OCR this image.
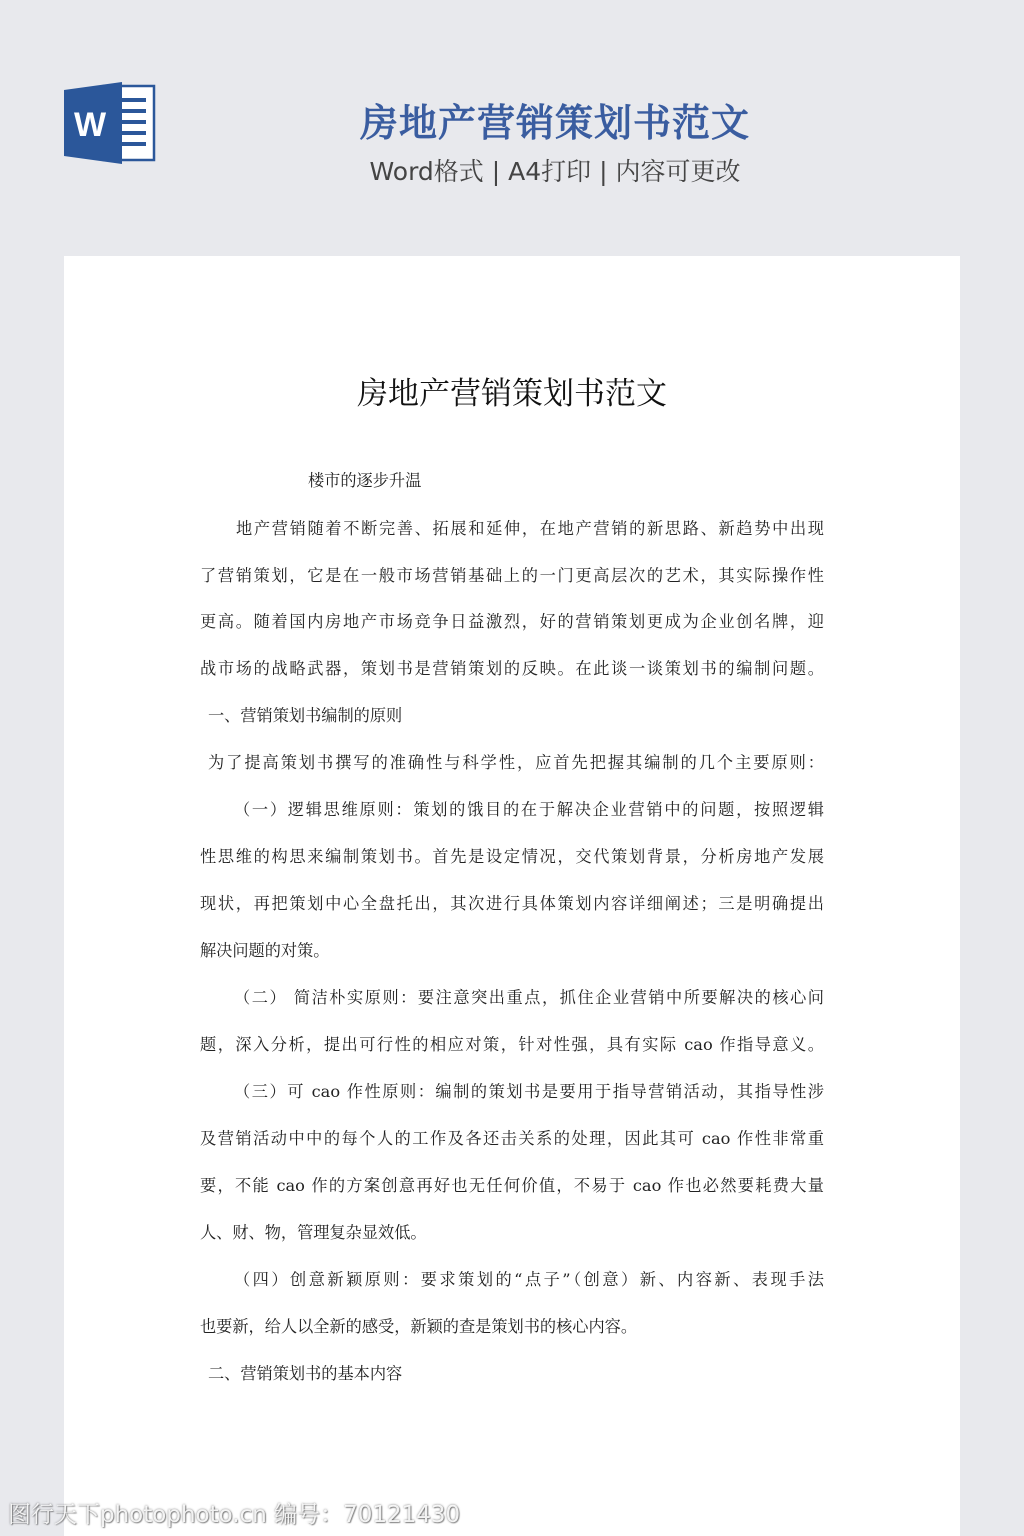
W	房地产营销策划书范文
Word格式 | A4打印 | 内容可更改
房地产营销策划书范文
楼市的逐步升温
地产营销随着不断完善、拓展和延伸，在地产营销的新思路、新趋势中出现
了营销策划，它是在一般市场营销基础上的一门更高层次的艺术，其实际操作性
更高。随着国内房地产市场竞争日益激烈，好的营销策划更成为企业创名牌，迎
战市场的战略武器，策划书是营销策划的反映。在此谈一谈策划书的编制问题。
一、营销策划书编制的原则
为了提高策划书撰写的准确性与科学性，应首先把握其编制的几个主要原则：
（一）逻辑思维原则：策划的饿目的在于解决企业营销中的问题，按照逻辑
性思维的构思来编制策划书。首先是设定情况，交代策划背景，分析房地产发展
现状，再把策划中心全盘托出，其次进行具体策划内容详细阐述；三是明确提出
解决问题的对策。
（二） 简洁朴实原则：要注意突出重点，抓住企业营销中所要解决的核心问
题，深入分析，提出可行性的相应对策，针对性强，具有实际 cao 作指导意义。
（三）可 cao 作性原则：编制的策划书是要用于指导营销活动，其指导性涉
及营销活动中中的每个人的工作及各还击关系的处理，因此其可 cao 作性非常重
要，不能 cao 作的方案创意再好也无任何价值，不易于 cao 作也必然要耗费大量
人、财、物，管理复杂显效低。
（四）创意新颖原则：要求策划的“点子”（创意）新、内容新、表现手法
也要新，给人以全新的感受，新颖的查是策划书的核心内容。
二、营销策划书的基本内容
图行天下photophoto.cn 编号：70121430
